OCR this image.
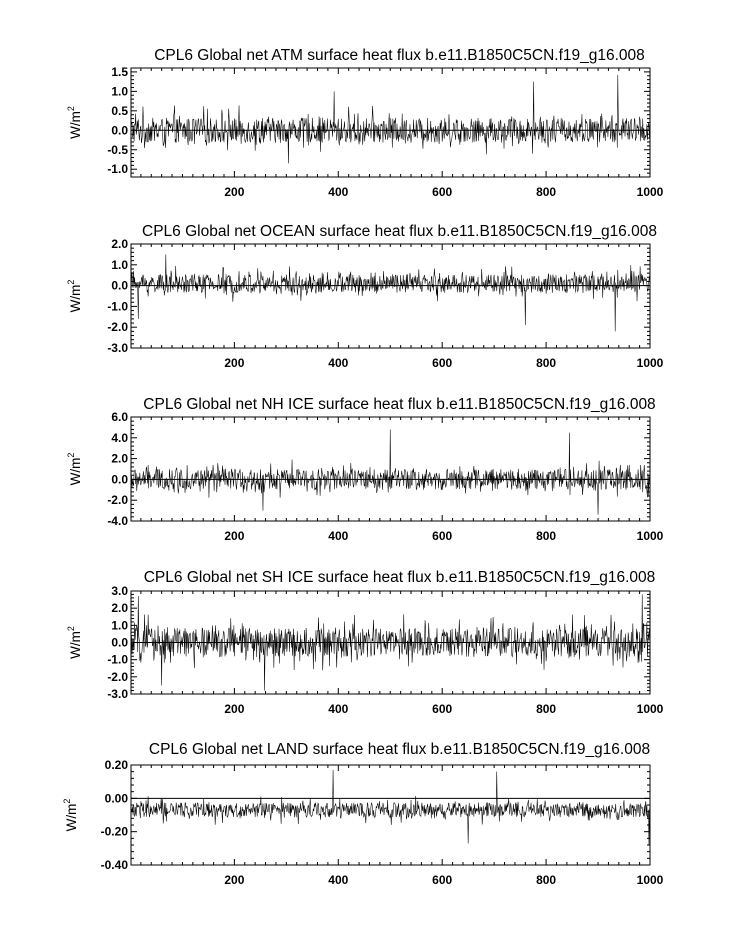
CPL6 Global net ATM surface heat flux b.e11.B1850C5CN.f19_g16.008
200	400	600	800	1000
1.5
1.0
0.5
0.0
-0.5
-1.0
$W/m^2$
CPL6 Global net OCEAN surface heat flux b.e11.B1850C5CN.f19_g16.008
200	400	600	800	1000
2.0
1.0
0.0
-1.0
-2.0
-3.0
$W/m^2$
CPL6 Global net NH ICE surface heat flux b.e11.B1850C5CN.f19_g16.008
200	400	600	800	1000
6.0
4.0
2.0
0.0
-2.0
-4.0
$W/m^2$
CPL6 Global net SH ICE surface heat flux b.e11.B1850C5CN.f19_g16.008
200	400	600	800	1000
3.0
2.0
1.0
0.0
-1.0
-2.0
-3.0
$W/m^2$
CPL6 Global net LAND surface heat flux b.e11.B1850C5CN.f19_g16.008
200	400	600	800	1000
0.20
0.00
-0.20
-0.40
$W/m^2$
